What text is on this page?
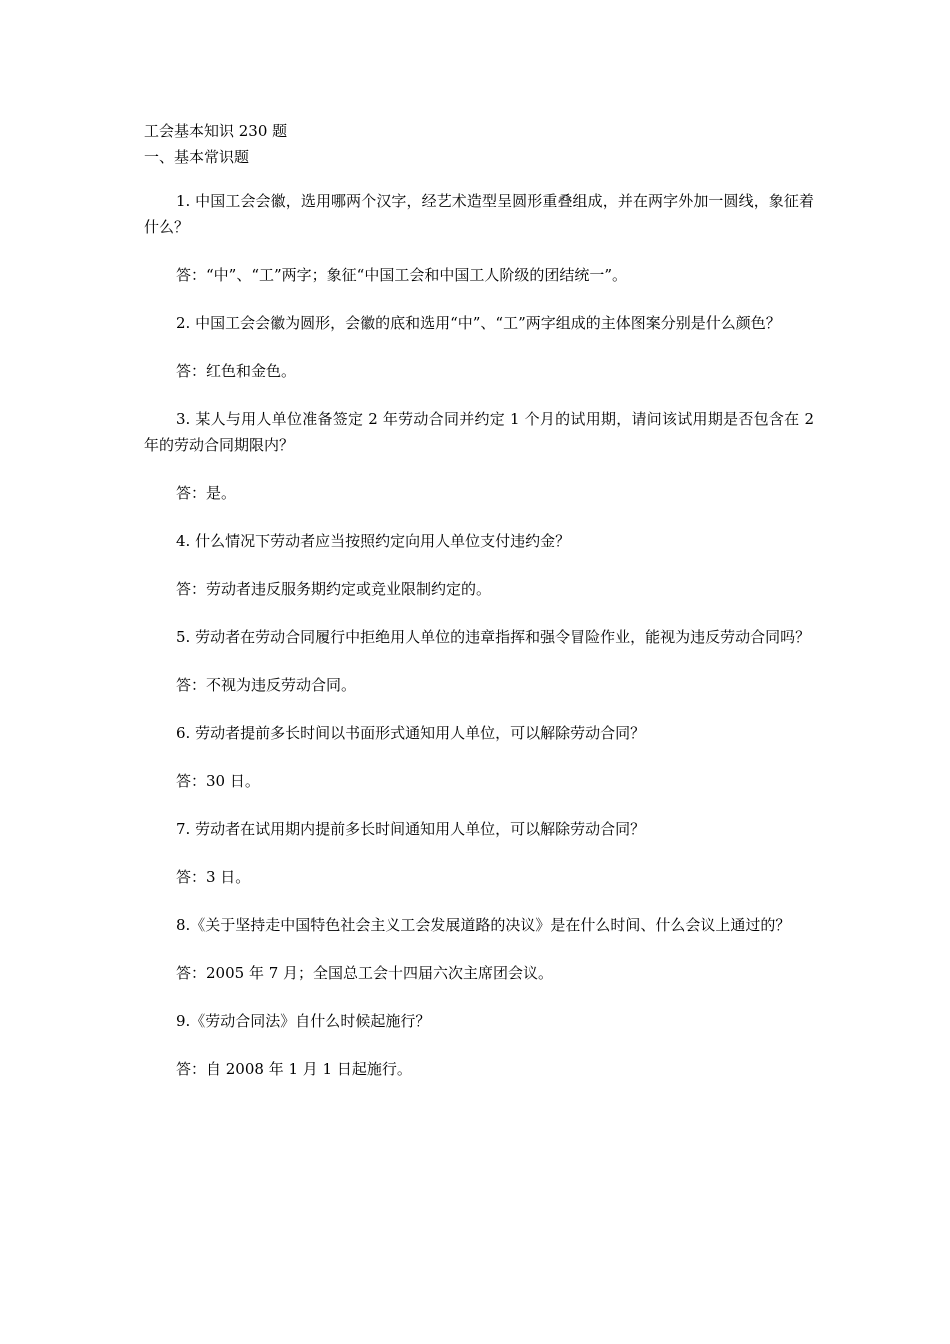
工会基本知识 230 题
一、基本常识题

1. 中国工会会徽，选用哪两个汉字，经艺术造型呈圆形重叠组成，并在两字外加一圆线，象征着什么？

答：“中”、“工”两字；象征“中国工会和中国工人阶级的团结统一”。

2. 中国工会会徽为圆形，会徽的底和选用“中”、“工”两字组成的主体图案分别是什么颜色？

答：红色和金色。

3. 某人与用人单位准备签定 2 年劳动合同并约定 1 个月的试用期，请问该试用期是否包含在 2 年的劳动合同期限内？

答：是。

4. 什么情况下劳动者应当按照约定向用人单位支付违约金？

答：劳动者违反服务期约定或竞业限制约定的。

5. 劳动者在劳动合同履行中拒绝用人单位的违章指挥和强令冒险作业，能视为违反劳动合同吗？

答：不视为违反劳动合同。

6. 劳动者提前多长时间以书面形式通知用人单位，可以解除劳动合同？

答：30 日。

7. 劳动者在试用期内提前多长时间通知用人单位，可以解除劳动合同？

答：3 日。

8.《关于坚持走中国特色社会主义工会发展道路的决议》是在什么时间、什么会议上通过的？

答：2005 年 7 月；全国总工会十四届六次主席团会议。

9.《劳动合同法》自什么时候起施行？

答：自 2008 年 1 月 1 日起施行。
